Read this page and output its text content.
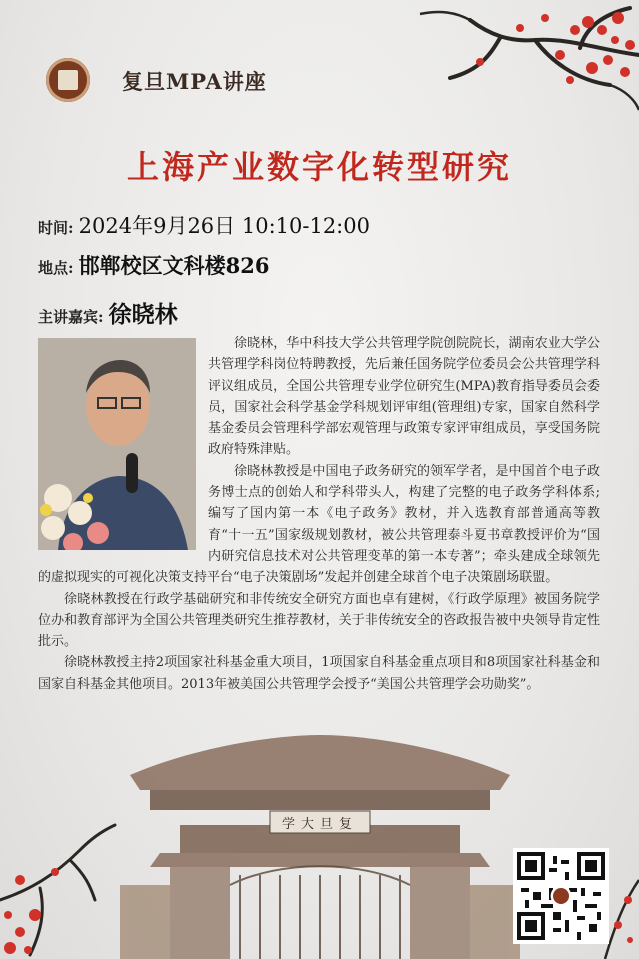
复旦MPA讲座
上海产业数字化转型研究
时间: 2024年9月26日 10:10-12:00
地点: 邯郸校区文科楼826
主讲嘉宾: 徐晓林

徐晓林，华中科技大学公共管理学院创院院长，湖南农业大学公共管理学科岗位特聘教授，先后兼任国务院学位委员会公共管理学科评议组成员，全国公共管理专业学位研究生(MPA)教育指导委员会委员，国家社会科学基金学科规划评审组(管理组)专家，国家自然科学基金委员会管理科学部宏观管理与政策专家评审组成员，享受国务院政府特殊津贴。

徐晓林教授是中国电子政务研究的领军学者，是中国首个电子政务博士点的创始人和学科带头人，构建了完整的电子政务学科体系;编写了国内第一本《电子政务》教材，并入选教育部普通高等教育“十一五”国家级规划教材，被公共管理泰斗夏书章教授评价为“国内研究信息技术对公共管理变革的第一本专著”；牵头建成全球领先的虚拟现实的可视化决策支持平台“电子决策剧场”发起并创建全球首个电子决策剧场联盟。

徐晓林教授在行政学基础研究和非传统安全研究方面也卓有建树，《行政学原理》被国务院学位办和教育部评为全国公共管理类研究生推荐教材，关于非传统安全的咨政报告被中央领导肯定性批示。

徐晓林教授主持2项国家社科基金重大项目，1项国家自科基金重点项目和8项国家社科基金和国家自科基金其他项目。2013年被美国公共管理学会授予“美国公共管理学会功勋奖”。

学大旦复
